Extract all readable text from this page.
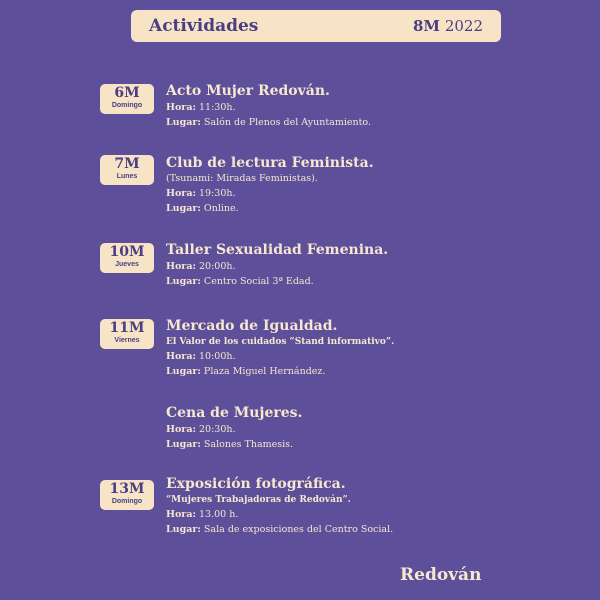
Actividades	8M 2022
6M
Domingo
Acto Mujer Redován.
Hora: 11:30h.
Lugar: Salón de Plenos del Ayuntamiento.
7M
Lunes
Club de lectura Feminista.
(Tsunami: Miradas Feministas).
Hora: 19:30h.
Lugar: Online.
10M
Jueves
Taller Sexualidad Femenina.
Hora: 20:00h.
Lugar: Centro Social 3ª Edad.
11M
Viernes
Mercado de Igualdad.
El Valor de los cuidados “Stand informativo”.
Hora: 10:00h.
Lugar: Plaza Miguel Hernández.
Cena de Mujeres.
Hora: 20:30h.
Lugar: Salones Thamesis.
13M
Domingo
Exposición fotográfica.
“Mujeres Trabajadoras de Redován”.
Hora: 13.00 h.
Lugar: Sala de exposiciones del Centro Social.
Redován
